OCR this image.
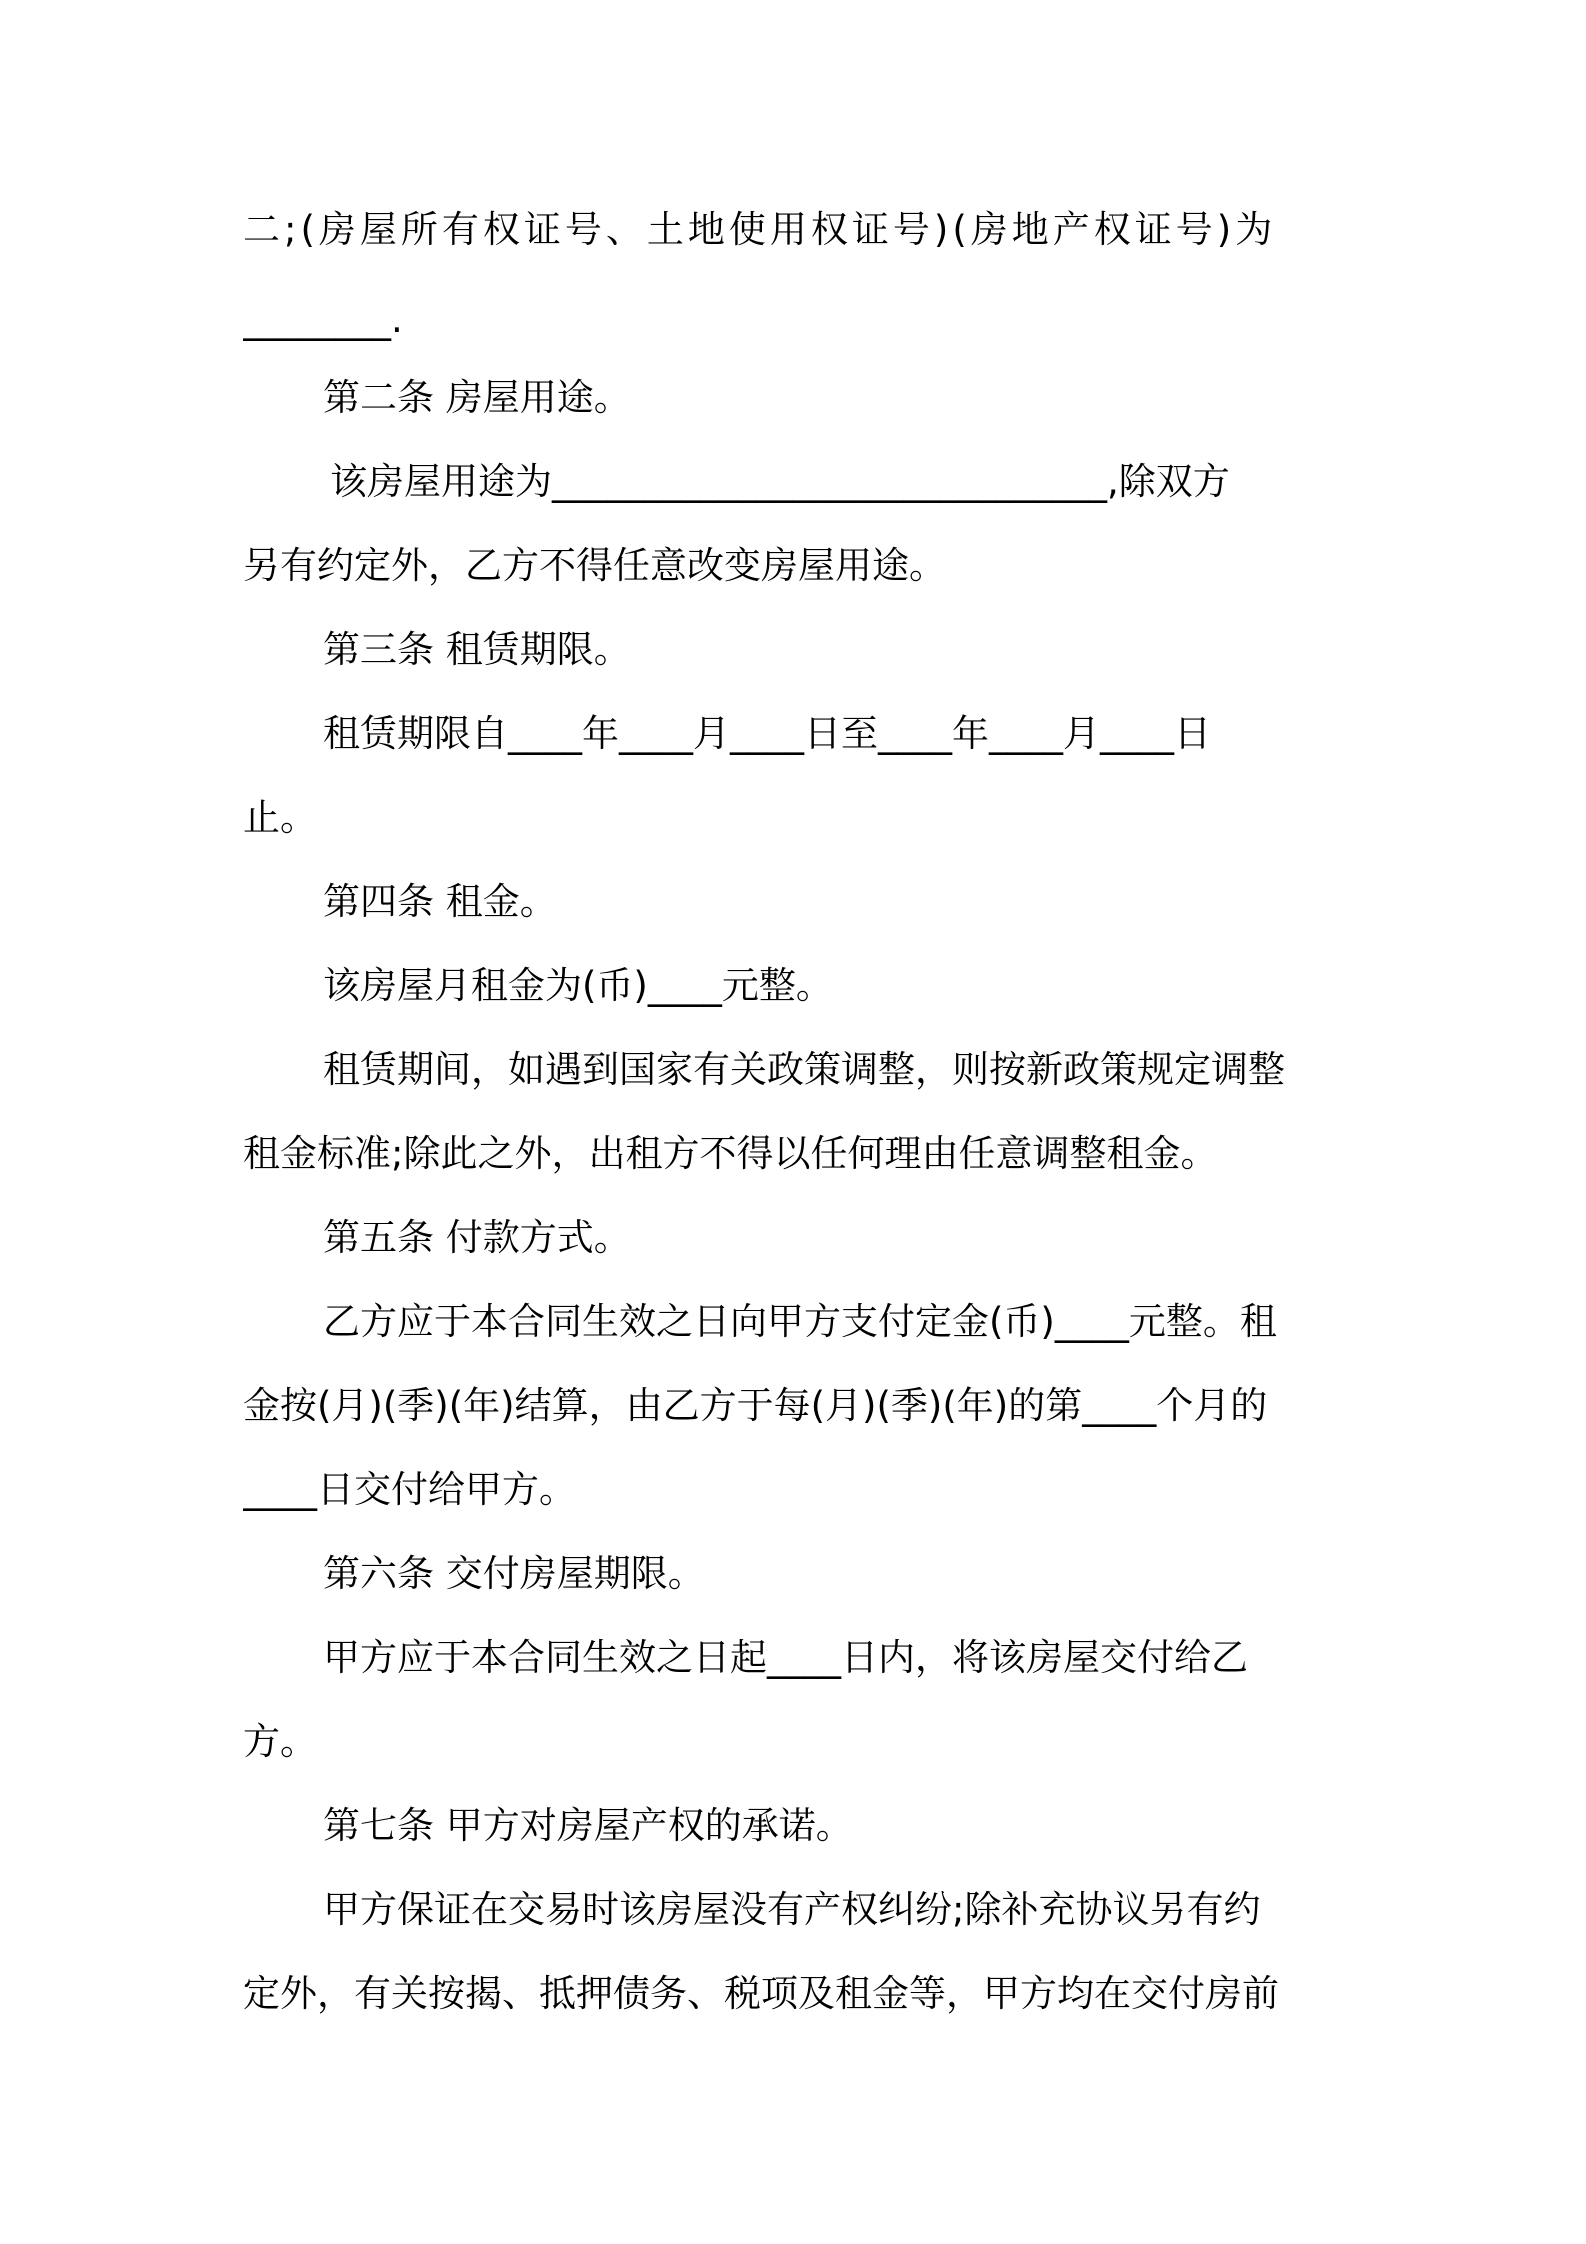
二;(房屋所有权证号、土地使用权证号)(房地产权证号)为
________.
第二条 房屋用途。
该房屋用途为______________________________,除双方
另有约定外，乙方不得任意改变房屋用途。
第三条 租赁期限。
租赁期限自____年____月____日至____年____月____日
止。
第四条 租金。
该房屋月租金为(币)____元整。
租赁期间，如遇到国家有关政策调整，则按新政策规定调整
租金标准;除此之外，出租方不得以任何理由任意调整租金。
第五条 付款方式。
乙方应于本合同生效之日向甲方支付定金(币)____元整。租
金按(月)(季)(年)结算，由乙方于每(月)(季)(年)的第____个月的
____日交付给甲方。
第六条 交付房屋期限。
甲方应于本合同生效之日起____日内，将该房屋交付给乙
方。
第七条 甲方对房屋产权的承诺。
甲方保证在交易时该房屋没有产权纠纷;除补充协议另有约
定外，有关按揭、抵押债务、税项及租金等，甲方均在交付房前
